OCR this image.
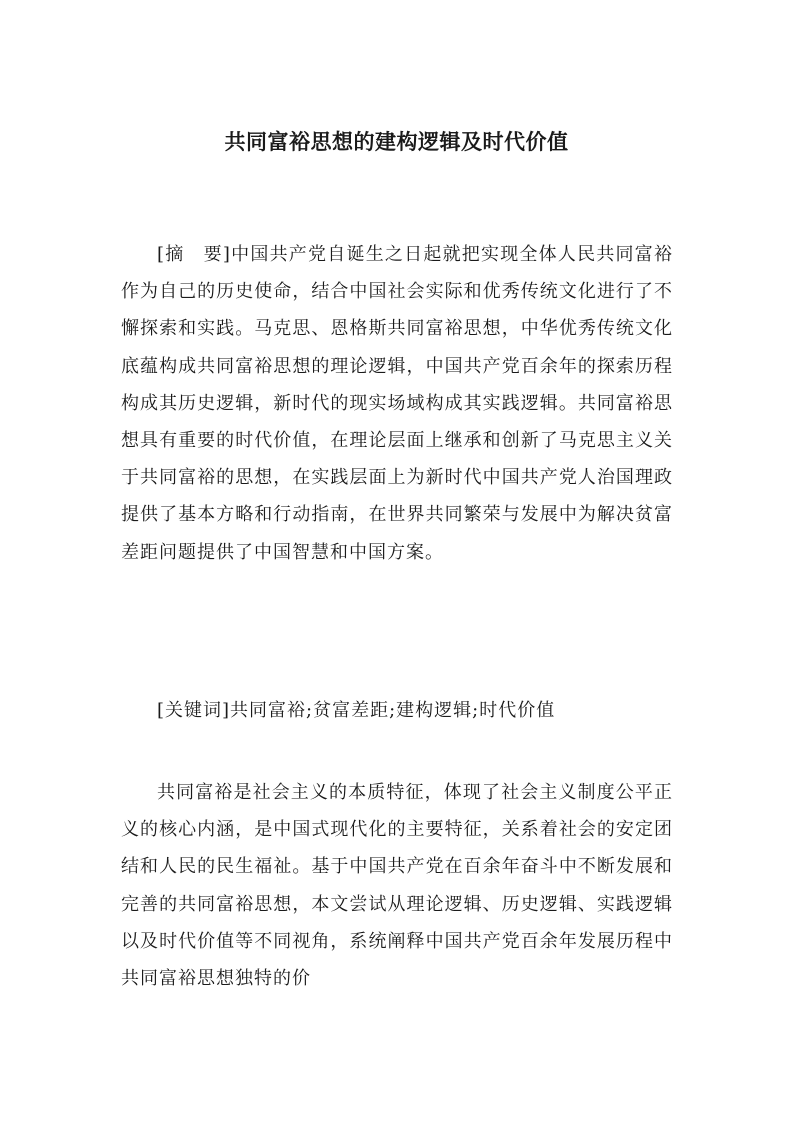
共同富裕思想的建构逻辑及时代价值

[摘　要]中国共产党自诞生之日起就把实现全体人民共同富裕作为自己的历史使命，结合中国社会实际和优秀传统文化进行了不懈探索和实践。马克思、恩格斯共同富裕思想，中华优秀传统文化底蕴构成共同富裕思想的理论逻辑，中国共产党百余年的探索历程构成其历史逻辑，新时代的现实场域构成其实践逻辑。共同富裕思想具有重要的时代价值，在理论层面上继承和创新了马克思主义关于共同富裕的思想，在实践层面上为新时代中国共产党人治国理政提供了基本方略和行动指南，在世界共同繁荣与发展中为解决贫富差距问题提供了中国智慧和中国方案。

[关键词]共同富裕;贫富差距;建构逻辑;时代价值

共同富裕是社会主义的本质特征，体现了社会主义制度公平正义的核心内涵，是中国式现代化的主要特征，关系着社会的安定团结和人民的民生福祉。基于中国共产党在百余年奋斗中不断发展和完善的共同富裕思想，本文尝试从理论逻辑、历史逻辑、实践逻辑以及时代价值等不同视角，系统阐释中国共产党百余年发展历程中共同富裕思想独特的价
